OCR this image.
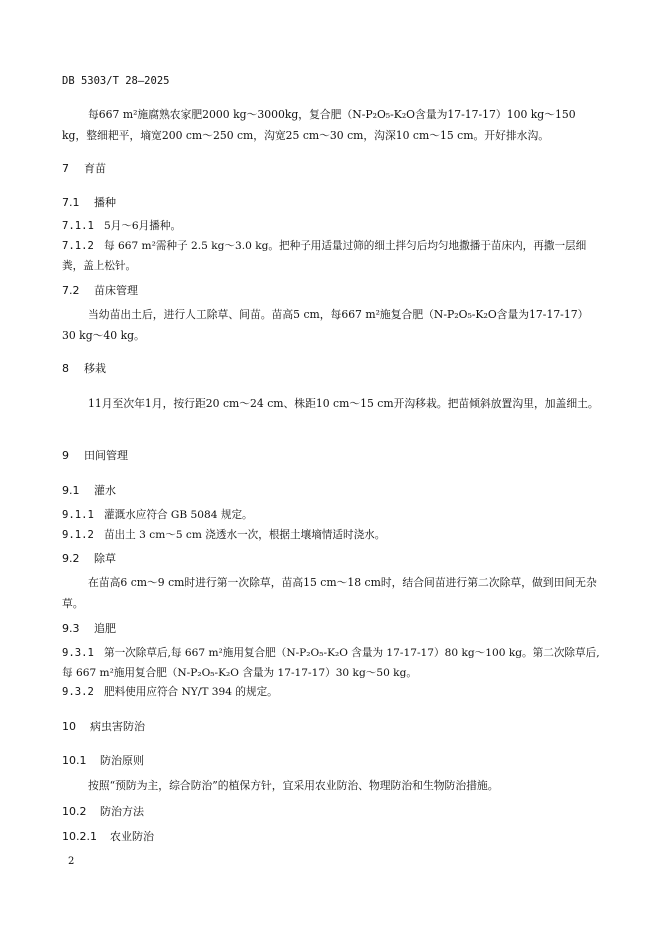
DB 5303/T 28—2025

每667 m²施腐熟农家肥2000 kg～3000kg，复合肥（N-P₂O₅-K₂O含量为17-17-17）100 kg～150 kg，整细耙平，墒宽200 cm～250 cm，沟宽25 cm～30 cm，沟深10 cm～15 cm。开好排水沟。

7 育苗
7.1 播种
7.1.1 5月～6月播种。
7.1.2 每 667 m²需种子 2.5 kg～3.0 kg。把种子用适量过筛的细土拌匀后均匀地撒播于苗床内，再撒一层细粪，盖上松针。
7.2 苗床管理

当幼苗出土后，进行人工除草、间苗。苗高5 cm，每667 m²施复合肥（N-P₂O₅-K₂O含量为17-17-17）30 kg～40 kg。

8 移栽

11月至次年1月，按行距20 cm～24 cm、株距10 cm～15 cm开沟移栽。把苗倾斜放置沟里，加盖细土。

9 田间管理
9.1 灌水
9.1.1 灌溉水应符合 GB 5084 规定。
9.1.2 苗出土 3 cm～5 cm 浇透水一次，根据土壤墒情适时浇水。
9.2 除草

在苗高6 cm～9 cm时进行第一次除草，苗高15 cm～18 cm时，结合间苗进行第二次除草，做到田间无杂草。

9.3 追肥
9.3.1 第一次除草后,每 667 m²施用复合肥（N-P₂O₅-K₂O 含量为 17-17-17）80 kg～100 kg。第二次除草后,每 667 m²施用复合肥（N-P₂O₅-K₂O 含量为 17-17-17）30 kg～50 kg。
9.3.2 肥料使用应符合 NY/T 394 的规定。
10 病虫害防治
10.1 防治原则

按照“预防为主，综合防治”的植保方针，宜采用农业防治、物理防治和生物防治措施。

10.2 防治方法
10.2.1 农业防治
2
